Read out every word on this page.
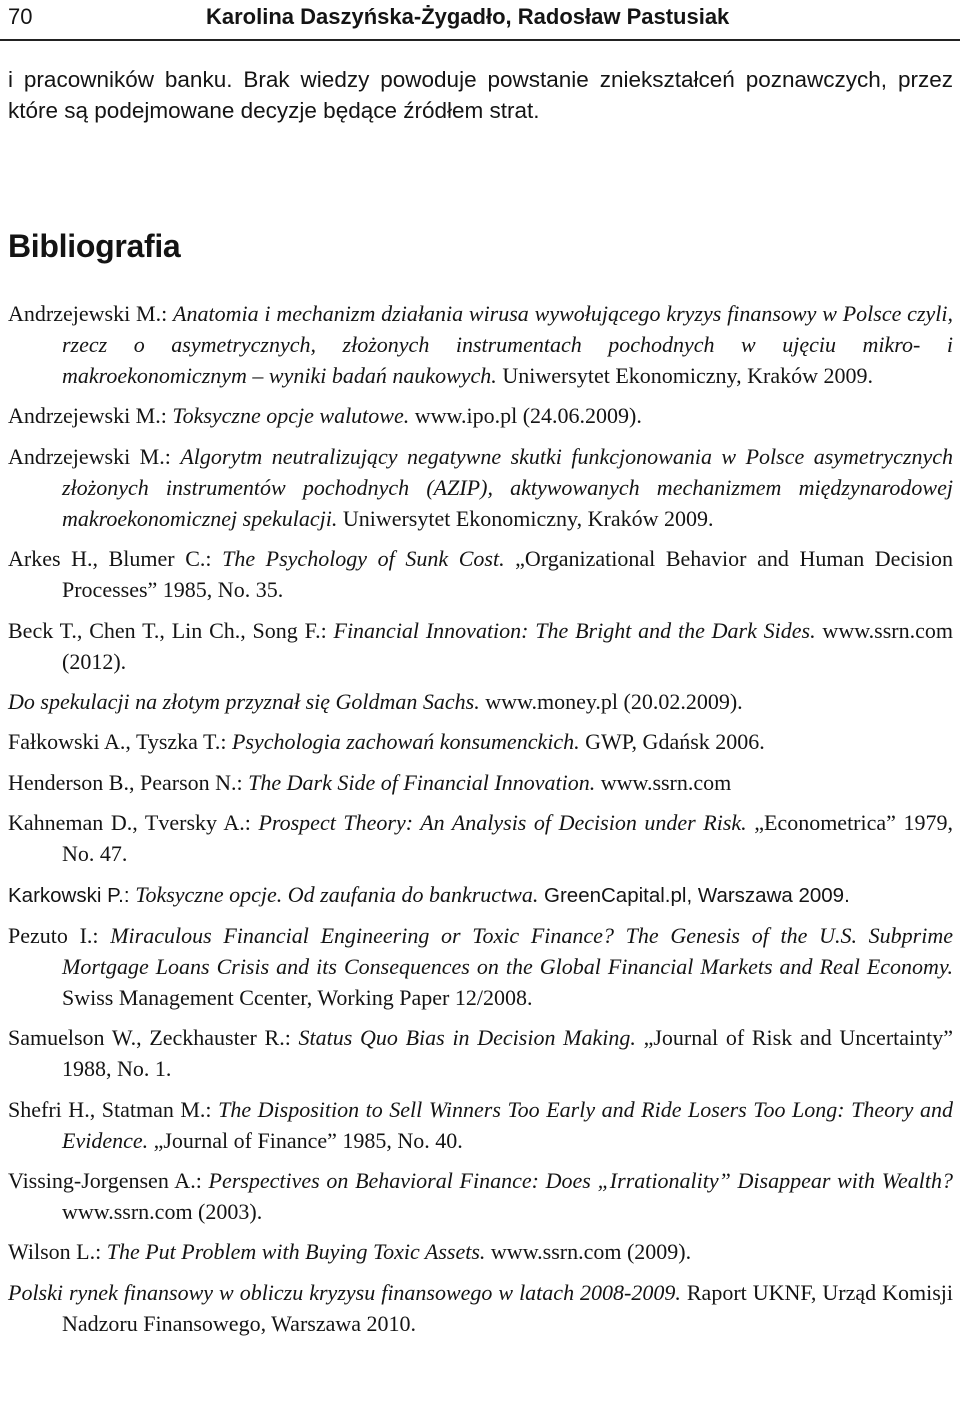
70	Karolina Daszyńska-Żygadło, Radosław Pastusiak

i pracowników banku. Brak wiedzy powoduje powstanie zniekształceń poznawczych, przez które są podejmowane decyzje będące źródłem strat.

Bibliografia
Andrzejewski M.: Anatomia i mechanizm działania wirusa wywołującego kryzys finansowy w Polsce czyli, rzecz o asymetrycznych, złożonych instrumentach pochodnych w ujęciu mikro- i makroekonomicznym – wyniki badań naukowych. Uniwersytet Ekonomiczny, Kraków 2009.
Andrzejewski M.: Toksyczne opcje walutowe. www.ipo.pl (24.06.2009).
Andrzejewski M.: Algorytm neutralizujący negatywne skutki funkcjonowania w Polsce asymetrycznych złożonych instrumentów pochodnych (AZIP), aktywowanych mechanizmem międzynarodowej makroekonomicznej spekulacji. Uniwersytet Ekonomiczny, Kraków 2009.
Arkes H., Blumer C.: The Psychology of Sunk Cost. „Organizational Behavior and Human Decision Processes” 1985, No. 35.
Beck T., Chen T., Lin Ch., Song F.: Financial Innovation: The Bright and the Dark Sides. www.ssrn.com (2012).
Do spekulacji na złotym przyznał się Goldman Sachs. www.money.pl (20.02.2009).
Fałkowski A., Tyszka T.: Psychologia zachowań konsumenckich. GWP, Gdańsk 2006.
Henderson B., Pearson N.: The Dark Side of Financial Innovation. www.ssrn.com
Kahneman D., Tversky A.: Prospect Theory: An Analysis of Decision under Risk. „Econometrica” 1979, No. 47.
Karkowski P.: Toksyczne opcje. Od zaufania do bankructwa. GreenCapital.pl, Warszawa 2009.
Pezuto I.: Miraculous Financial Engineering or Toxic Finance? The Genesis of the U.S. Subprime Mortgage Loans Crisis and its Consequences on the Global Financial Markets and Real Economy. Swiss Management Ccenter, Working Paper 12/2008.
Samuelson W., Zeckhauster R.: Status Quo Bias in Decision Making. „Journal of Risk and Uncertainty” 1988, No. 1.
Shefri H., Statman M.: The Disposition to Sell Winners Too Early and Ride Losers Too Long: Theory and Evidence. „Journal of Finance” 1985, No. 40.
Vissing-Jorgensen A.: Perspectives on Behavioral Finance: Does „Irrationality” Disappear with Wealth? www.ssrn.com (2003).
Wilson L.: The Put Problem with Buying Toxic Assets. www.ssrn.com (2009).
Polski rynek finansowy w obliczu kryzysu finansowego w latach 2008-2009. Raport UKNF, Urząd Komisji Nadzoru Finansowego, Warszawa 2010.
